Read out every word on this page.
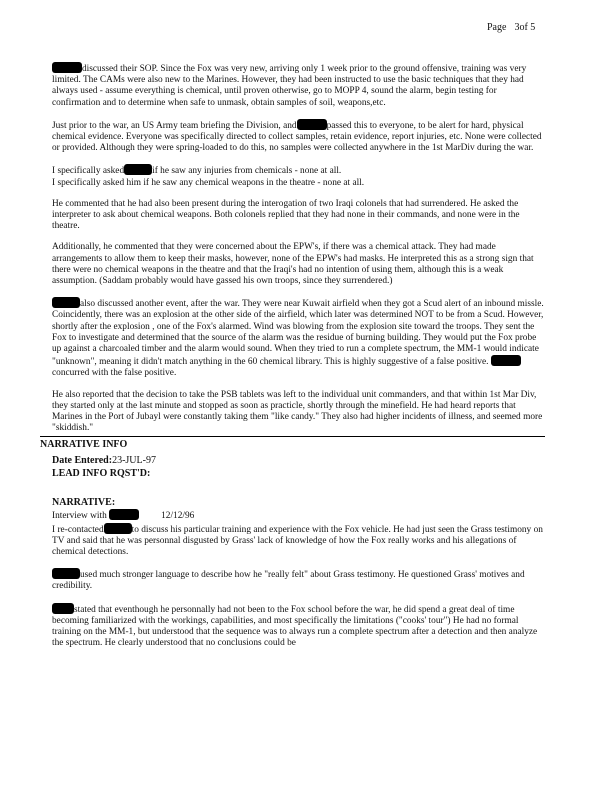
Page 3of 5

discussed their SOP. Since the Fox was very new, arriving only 1 week prior to the ground offensive, training was very limited. The CAMs were also new to the Marines. However, they had been instructed to use the basic techniques that they had always used - assume everything is chemical, until proven otherwise, go to MOPP 4, sound the alarm, begin testing for confirmation and to determine when safe to unmask, obtain samples of soil, weapons,etc.

Just prior to the war, an US Army team briefing the Division, and	passed this to everyone, to be alert for hard, physical chemical evidence. Everyone was specifically directed to collect samples, retain evidence, report injuries, etc. None were collected or provided. Although they were spring-loaded to do this, no samples were collected anywhere in the 1st MarDiv during the war.

I specifically asked	if he saw any injuries from chemicals - none at all.

I specifically asked him if he saw any chemical weapons in the theatre - none at all.

He commented that he had also been present during the interogation of two Iraqi colonels that had surrendered. He asked the interpreter to ask about chemical weapons. Both colonels replied that they had none in their commands, and none were in the theatre.

Additionally, he commented that they were concerned about the EPW's, if there was a chemical attack. They had made arrangements to allow them to keep their masks, however, none of the EPW's had masks. He interpreted this as a strong sign that there were no chemical weapons in the theatre and that the Iraqi's had no intention of using them, although this is a weak assumption. (Saddam probably would have gassed his own troops, since they surrendered.)

also discussed another event, after the war. They were near Kuwait airfield when they got a Scud alert of an inbound missle. Coincidently, there was an explosion at the other side of the airfield, which later was determined NOT to be from a Scud. However, shortly after the explosion , one of the Fox's alarmed. Wind was blowing from the explosion site toward the troops. They sent the Fox to investigate and determined that the source of the alarm was the residue of burning building. They would put the Fox probe up against a charcoaled timber and the alarm would sound. When they tried to run a complete spectrum, the MM-1 would indicate "unknown", meaning it didn't match anything in the 60 chemical library. This is highly suggestive of a false positive. concurred with the false positive.

He also reported that the decision to take the PSB tablets was left to the individual unit commanders, and that within 1st Mar Div, they started only at the last minute and stopped as soon as practicle, shortly through the minefield. He had heard reports that Marines in the Port of Jubayl were constantly taking them "like candy." They also had higher incidents of illness, and seemed more "skiddish."

NARRATIVE INFO
Date Entered:23-JUL-97
LEAD INFO RQST'D:
NARRATIVE:

Interview with	12/12/96

I re-contacted	to discuss his particular training and experience with the Fox vehicle. He had just seen the Grass testimony on TV and said that he was personnal disgusted by Grass' lack of knowledge of how the Fox really works and his allegations of chemical detections.

used much stronger language to describe how he "really felt" about Grass testimony. He questioned Grass' motives and credibility.

stated that eventhough he personnally had not been to the Fox school before the war, he did spend a great deal of time becoming familiarized with the workings, capabilities, and most specifically the limitations ("cooks' tour") He had no formal training on the MM-1, but understood that the sequence was to always run a complete spectrum after a detection and then analyze the spectrum. He clearly understood that no conclusions could be
